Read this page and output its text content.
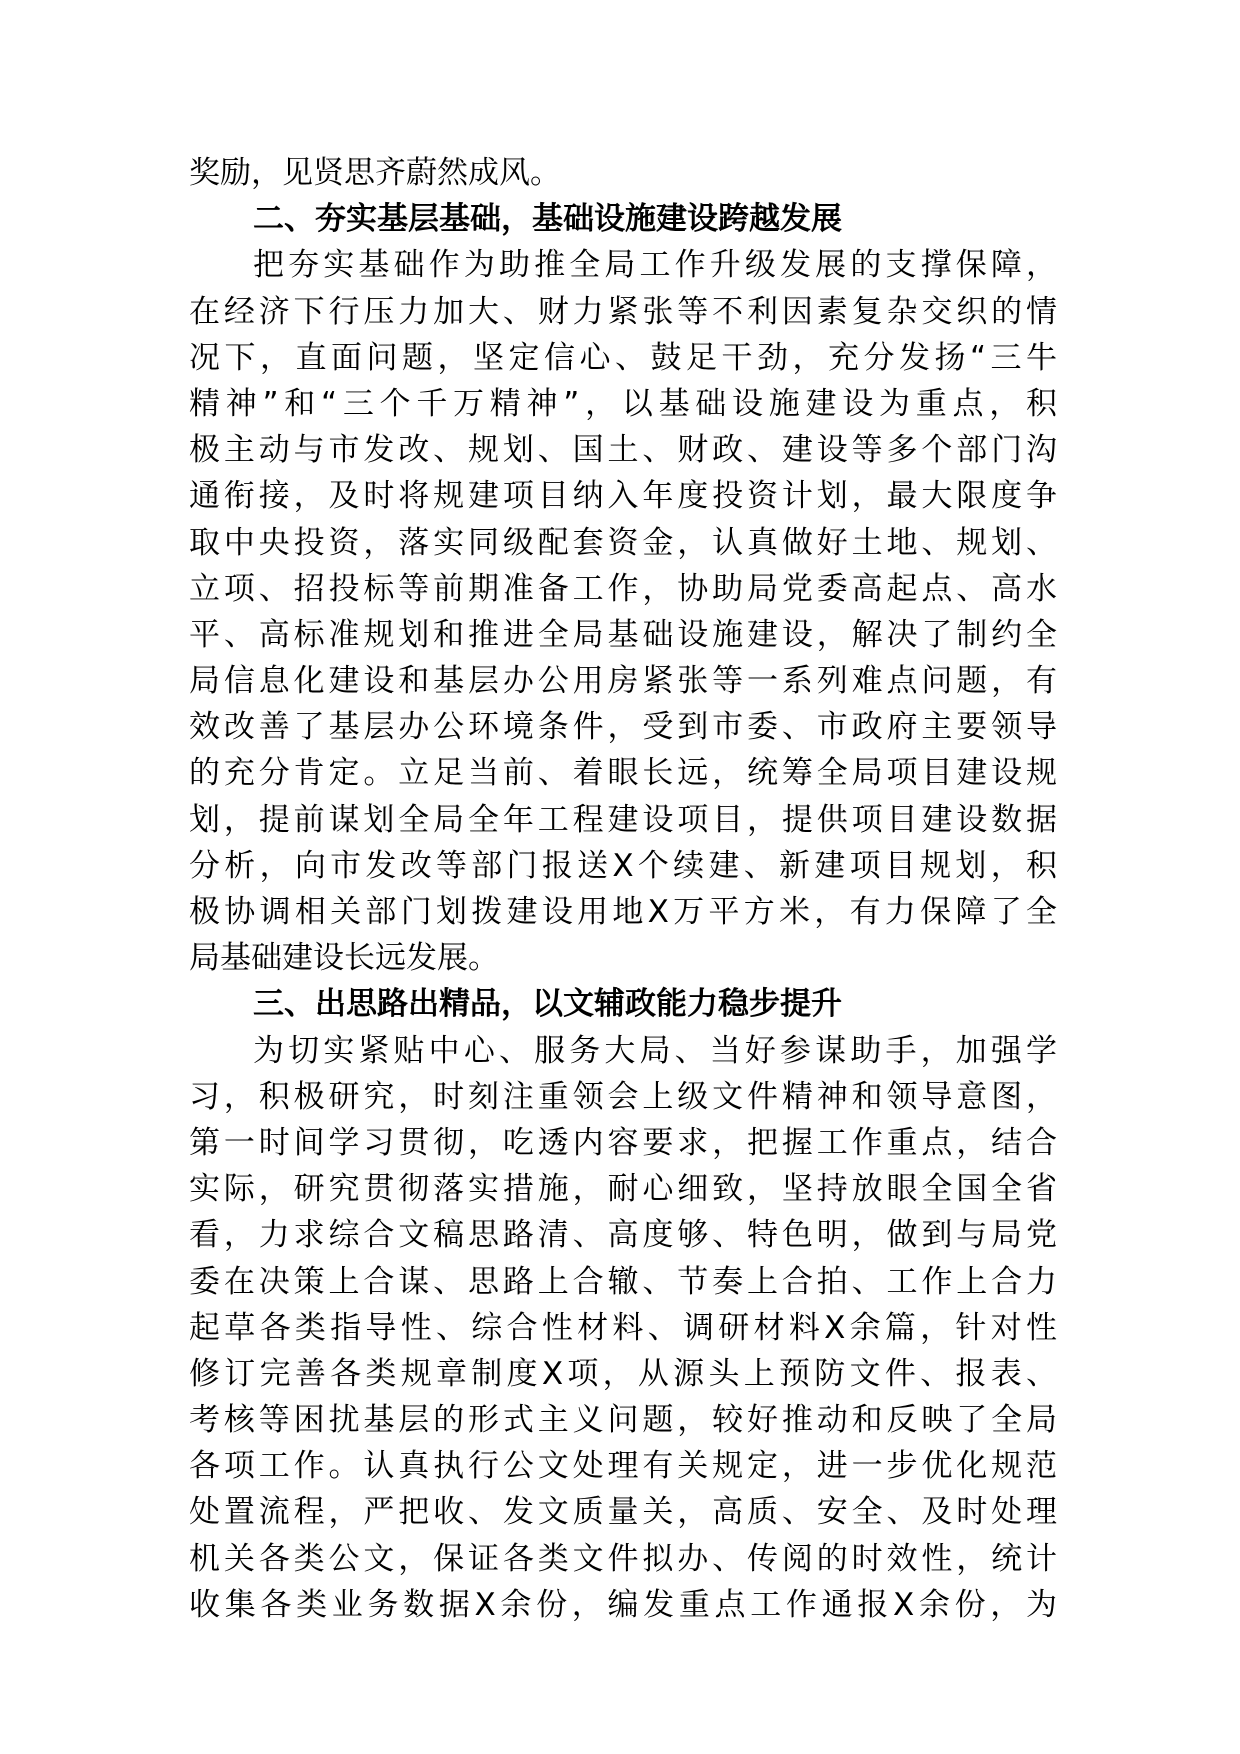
奖励，见贤思齐蔚然成风。
二、夯实基层基础，基础设施建设跨越发展
把夯实基础作为助推全局工作升级发展的支撑保障，
在经济下行压力加大、财力紧张等不利因素复杂交织的情
况下，直面问题，坚定信心、鼓足干劲，充分发扬“三牛
精神”和“三个千万精神”，以基础设施建设为重点，积
极主动与市发改、规划、国土、财政、建设等多个部门沟
通衔接，及时将规建项目纳入年度投资计划，最大限度争
取中央投资，落实同级配套资金，认真做好土地、规划、
立项、招投标等前期准备工作，协助局党委高起点、高水
平、高标准规划和推进全局基础设施建设，解决了制约全
局信息化建设和基层办公用房紧张等一系列难点问题，有
效改善了基层办公环境条件，受到市委、市政府主要领导
的充分肯定。立足当前、着眼长远，统筹全局项目建设规
划，提前谋划全局全年工程建设项目，提供项目建设数据
分析，向市发改等部门报送X个续建、新建项目规划，积
极协调相关部门划拨建设用地X万平方米，有力保障了全
局基础建设长远发展。
三、出思路出精品，以文辅政能力稳步提升
为切实紧贴中心、服务大局、当好参谋助手，加强学
习，积极研究，时刻注重领会上级文件精神和领导意图，
第一时间学习贯彻，吃透内容要求，把握工作重点，结合
实际，研究贯彻落实措施，耐心细致，坚持放眼全国全省
看，力求综合文稿思路清、高度够、特色明，做到与局党
委在决策上合谋、思路上合辙、节奏上合拍、工作上合力
起草各类指导性、综合性材料、调研材料X余篇，针对性
修订完善各类规章制度X项，从源头上预防文件、报表、
考核等困扰基层的形式主义问题，较好推动和反映了全局
各项工作。认真执行公文处理有关规定，进一步优化规范
处置流程，严把收、发文质量关，高质、安全、及时处理
机关各类公文，保证各类文件拟办、传阅的时效性，统计
收集各类业务数据X余份，编发重点工作通报X余份，为
